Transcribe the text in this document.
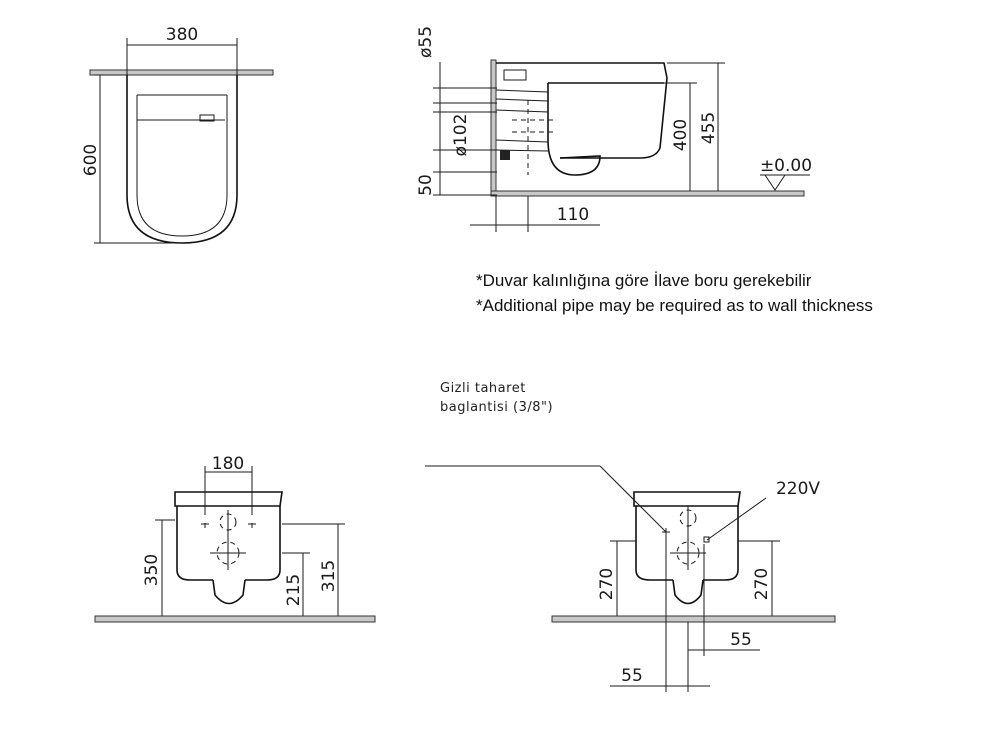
380
600
ø55
ø102
50
400 455
±0.00
110
180
350	315
215	270	270
55
55
220V
*Duvar kalınlığına göre İlave boru gerekebilir
*Additional pipe may be required as to wall thickness
Gizli taharet
baglantisi (3/8")
